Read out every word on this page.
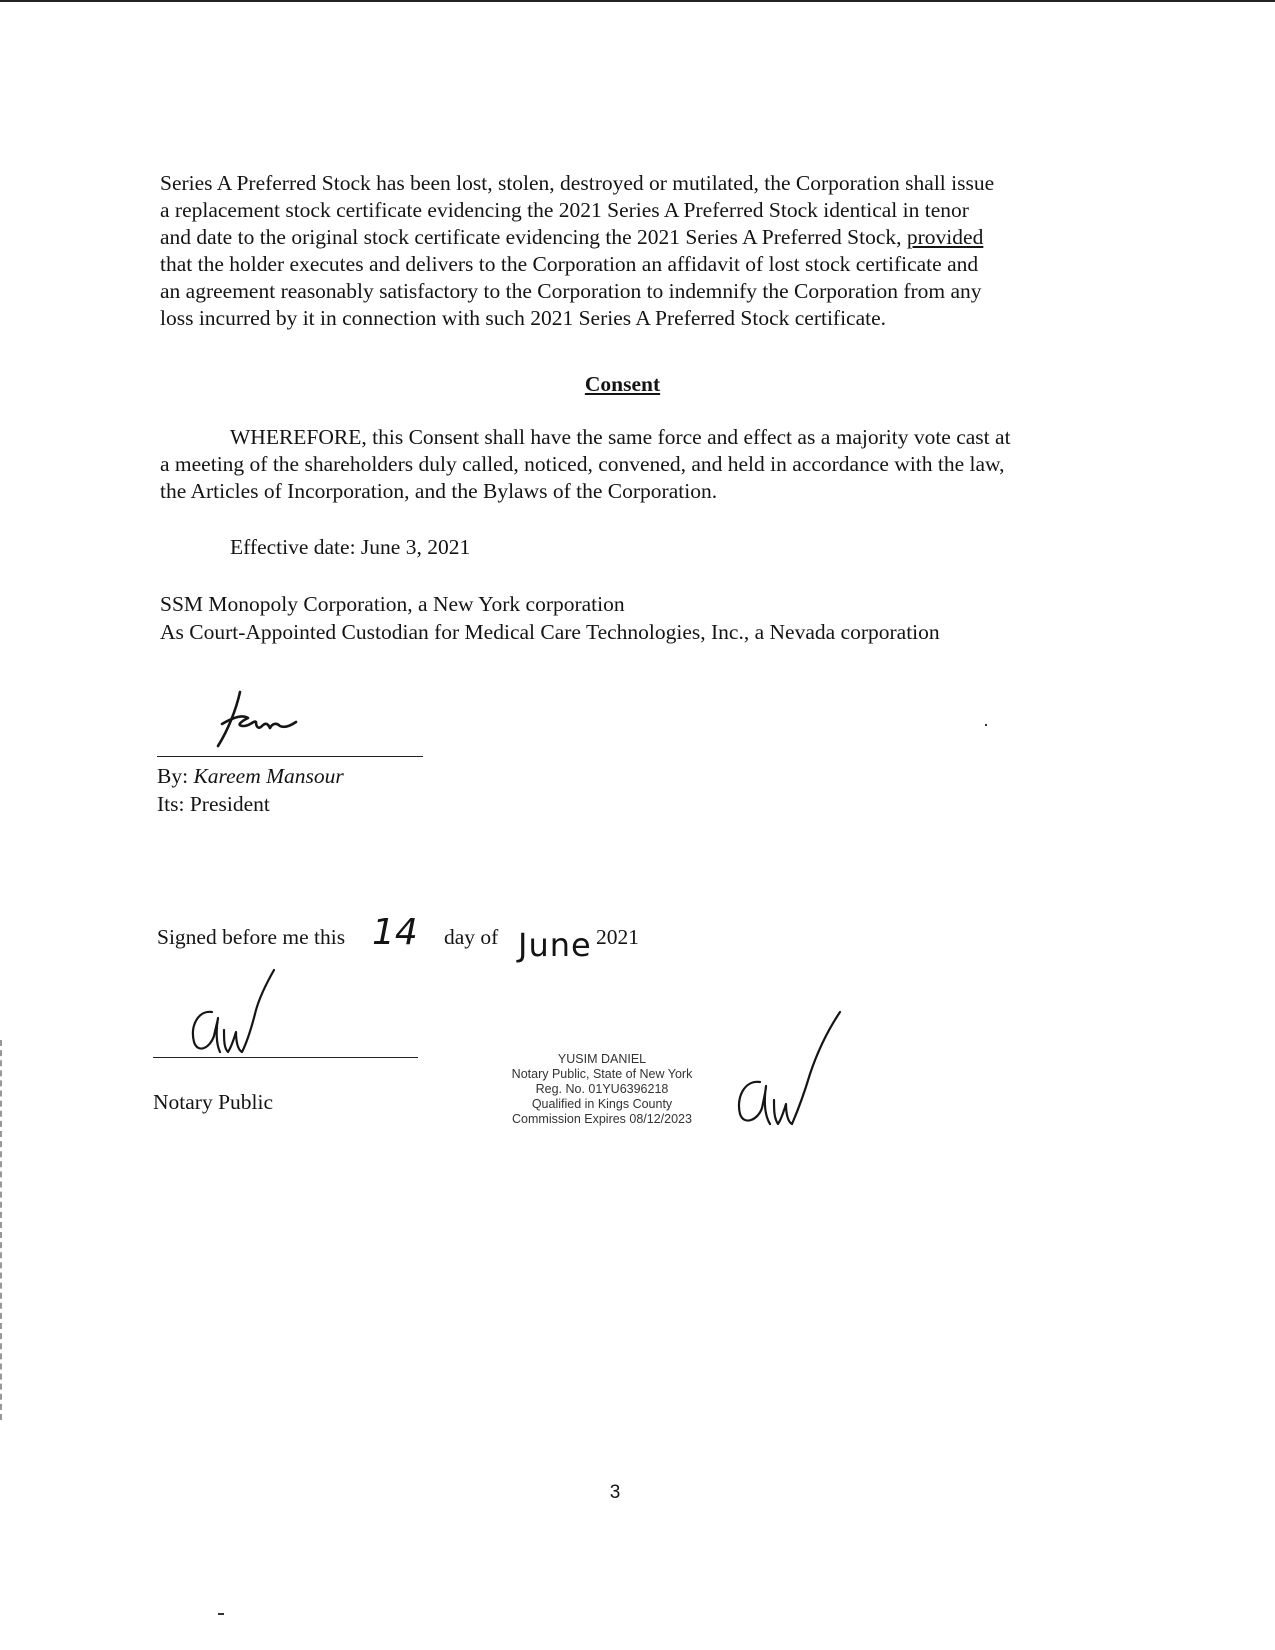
Series A Preferred Stock has been lost, stolen, destroyed or mutilated, the Corporation shall issue

a replacement stock certificate evidencing the 2021 Series A Preferred Stock identical in tenor

and date to the original stock certificate evidencing the 2021 Series A Preferred Stock, provided

that the holder executes and delivers to the Corporation an affidavit of lost stock certificate and

an agreement reasonably satisfactory to the Corporation to indemnify the Corporation from any

loss incurred by it in connection with such 2021 Series A Preferred Stock certificate.

Consent

WHEREFORE, this Consent shall have the same force and effect as a majority vote cast at

a meeting of the shareholders duly called, noticed, convened, and held in accordance with the law,

the Articles of Incorporation, and the Bylaws of the Corporation.

Effective date: June 3, 2021
SSM Monopoly Corporation, a New York corporation
As Court-Appointed Custodian for Medical Care Technologies, Inc., a Nevada corporation
By: Kareem Mansour
Its: President
Signed before me this 14 day of June 2021
Notary Public
YUSIM DANIEL
Notary Public, State of New York
Reg. No. 01YU6396218
Qualified in Kings County
Commission Expires 08/12/2023
3
